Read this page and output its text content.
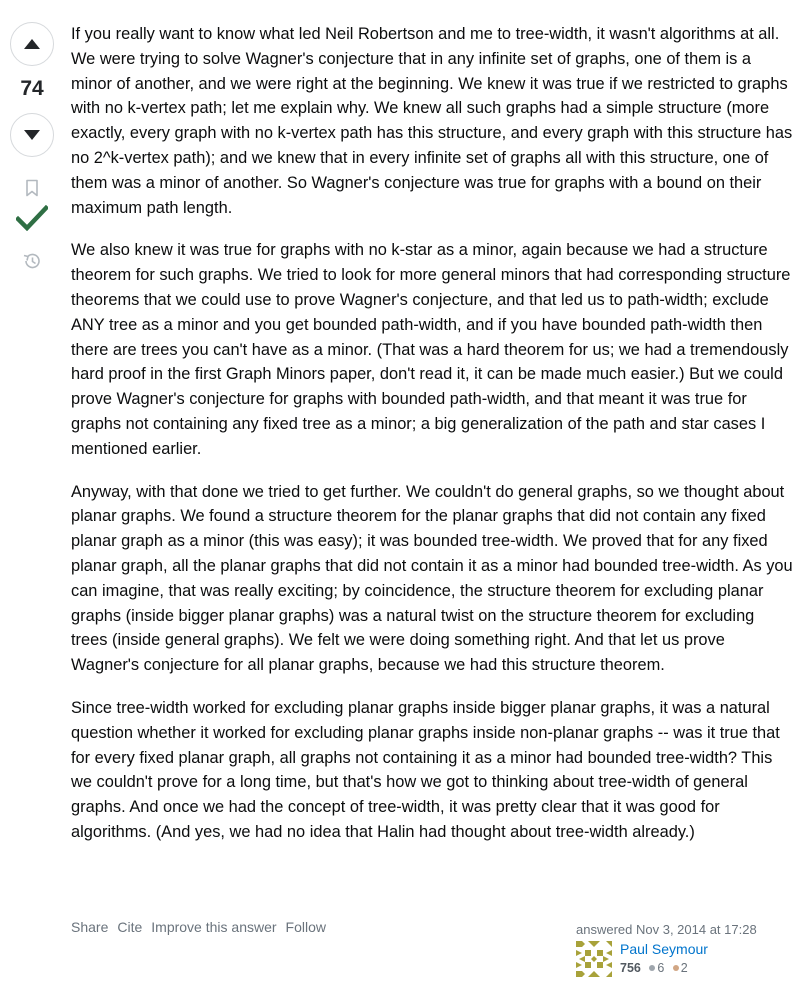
74

If you really want to know what led Neil Robertson and me to tree-width, it wasn't algorithms at all. We were trying to solve Wagner's conjecture that in any infinite set of graphs, one of them is a minor of another, and we were right at the beginning. We knew it was true if we restricted to graphs with no k-vertex path; let me explain why. We knew all such graphs had a simple structure (more exactly, every graph with no k-vertex path has this structure, and every graph with this structure has no 2^k-vertex path); and we knew that in every infinite set of graphs all with this structure, one of them was a minor of another. So Wagner's conjecture was true for graphs with a bound on their maximum path length.

We also knew it was true for graphs with no k-star as a minor, again because we had a structure theorem for such graphs. We tried to look for more general minors that had corresponding structure theorems that we could use to prove Wagner's conjecture, and that led us to path-width; exclude ANY tree as a minor and you get bounded path-width, and if you have bounded path-width then there are trees you can't have as a minor. (That was a hard theorem for us; we had a tremendously hard proof in the first Graph Minors paper, don't read it, it can be made much easier.) But we could prove Wagner's conjecture for graphs with bounded path-width, and that meant it was true for graphs not containing any fixed tree as a minor; a big generalization of the path and star cases I mentioned earlier.

Anyway, with that done we tried to get further. We couldn't do general graphs, so we thought about planar graphs. We found a structure theorem for the planar graphs that did not contain any fixed planar graph as a minor (this was easy); it was bounded tree-width. We proved that for any fixed planar graph, all the planar graphs that did not contain it as a minor had bounded tree-width. As you can imagine, that was really exciting; by coincidence, the structure theorem for excluding planar graphs (inside bigger planar graphs) was a natural twist on the structure theorem for excluding trees (inside general graphs). We felt we were doing something right. And that let us prove Wagner's conjecture for all planar graphs, because we had this structure theorem.

Since tree-width worked for excluding planar graphs inside bigger planar graphs, it was a natural question whether it worked for excluding planar graphs inside non-planar graphs -- was it true that for every fixed planar graph, all graphs not containing it as a minor had bounded tree-width? This we couldn't prove for a long time, but that's how we got to thinking about tree-width of general graphs. And once we had the concept of tree-width, it was pretty clear that it was good for algorithms. (And yes, we had no idea that Halin had thought about tree-width already.)

Share Cite Improve this answer Follow	answered Nov 3, 2014 at 17:28
Paul Seymour
756 6 2
